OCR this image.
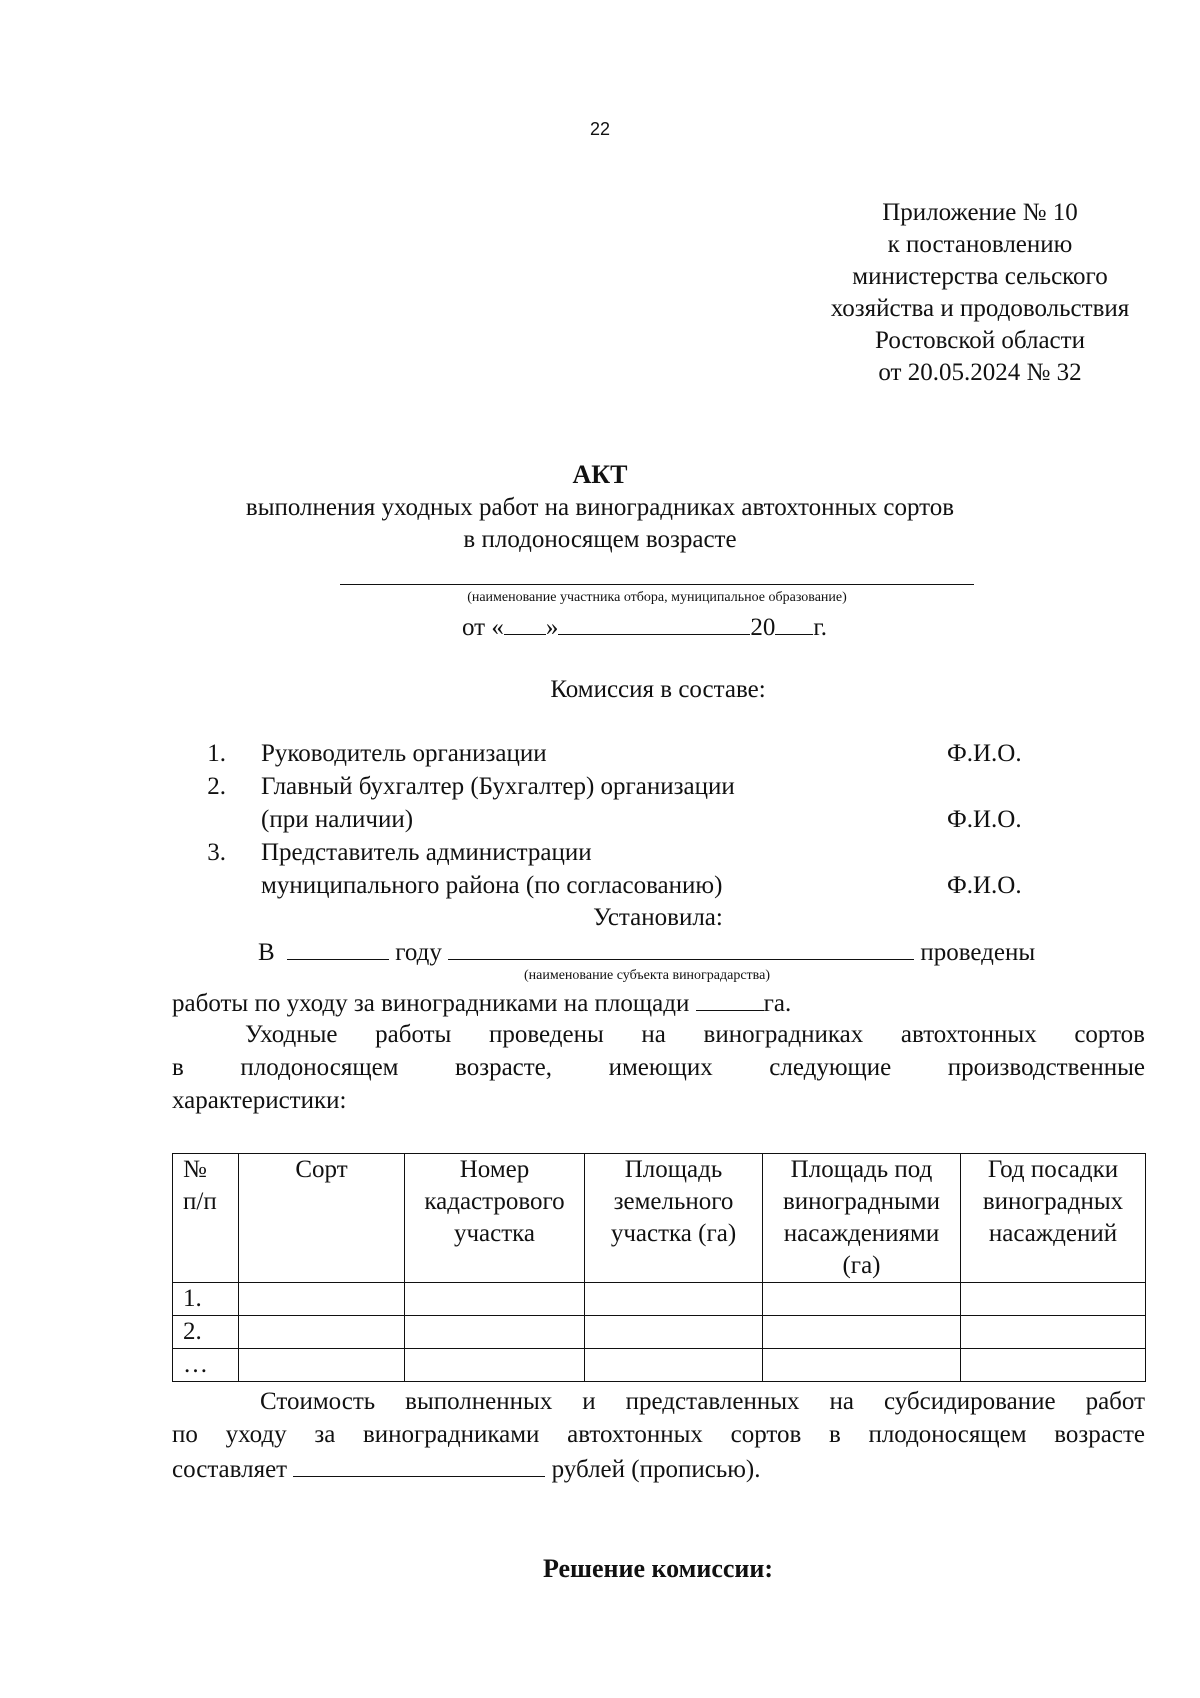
22
Приложение № 10
к постановлению
министерства сельского
хозяйства и продовольствия
Ростовской области
от 20.05.2024 № 32
АКТ
выполнения уходных работ на виноградниках автохтонных сортов
в плодоносящем возрасте
(наименование участника отбора, муниципальное образование)
от « »	20 г.
Комиссия в составе:
1. Руководитель организации	Ф.И.О.
2. Главный бухгалтер (Бухгалтер) организации
(при наличии)	Ф.И.О.
3. Представитель администрации
муниципального района (по согласованию)	Ф.И.О.
Установила:
В	году	проведены
(наименование субъекта виноградарства)
работы по уходу за виноградниками на площади	га.
Уходные работы проведены на виноградниках автохтонных сортов
в плодоносящем возрасте, имеющих следующие производственные
характеристики:
№ п/п	Сорт	Номер кадастрового участка	Площадь земельного участка (га)	Площадь под виноградными насаждениями (га)	Год посадки виноградных насаждений
1.					
2.					
…					
Стоимость выполненных и представленных на субсидирование работ
по уходу за виноградниками автохтонных сортов в плодоносящем возрасте
составляет	рублей (прописью).
Решение комиссии:
